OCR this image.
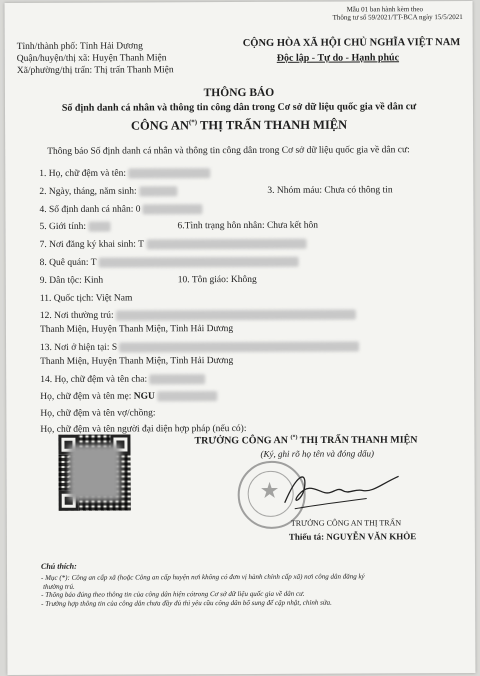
Mẫu 01 ban hành kèm theo
Thông tư số 59/2021/TT-BCA ngày 15/5/2021
Tỉnh/thành phố: Tỉnh Hải Dương
Quận/huyện/thị xã: Huyện Thanh Miện
Xã/phường/thị trấn: Thị trấn Thanh Miện
CỘNG HÒA XÃ HỘI CHỦ NGHĨA VIỆT NAM
Độc lập - Tự do - Hạnh phúc
THÔNG BÁO
Số định danh cá nhân và thông tin công dân trong Cơ sở dữ liệu quốc gia về dân cư
CÔNG AN(*) THỊ TRẤN THANH MIỆN
Thông báo Số định danh cá nhân và thông tin công dân trong Cơ sở dữ liệu quốc gia về dân cư:
1. Họ, chữ đệm và tên:
2. Ngày, tháng, năm sinh:	3. Nhóm máu: Chưa có thông tin
4. Số định danh cá nhân: 0
5. Giới tính:	6.Tình trạng hôn nhân: Chưa kết hôn
7. Nơi đăng ký khai sinh: T
8. Quê quán: T
9. Dân tộc: Kinh	10. Tôn giáo: Không
11. Quốc tịch: Việt Nam
12. Nơi thường trú:
Thanh Miện, Huyện Thanh Miện, Tỉnh Hải Dương
13. Nơi ở hiện tại: S
Thanh Miện, Huyện Thanh Miện, Tỉnh Hải Dương
14. Họ, chữ đệm và tên cha:
Họ, chữ đệm và tên mẹ: NGU
Họ, chữ đệm và tên vợ/chồng:
Họ, chữ đệm và tên người đại diện hợp pháp (nếu có):
TRƯỞNG CÔNG AN (*) THỊ TRẤN THANH MIỆN
(Ký, ghi rõ họ tên và đóng dấu)
★
TRƯỞNG CÔNG AN THỊ TRẤN
Thiếu tá: NGUYỄN VĂN KHỎE
Chú thích:
- Mục (*): Công an cấp xã (hoặc Công an cấp huyện nơi không có đơn vị hành chính cấp xã) nơi công dân đăng ký
thường trú.
- Thông báo đúng theo thông tin của công dân hiện cótrong Cơ sở dữ liệu quốc gia về dân cư.
- Trường hợp thông tin của công dân chưa đầy đủ thì yêu cầu công dân bổ sung để cập nhật, chỉnh sửa.
